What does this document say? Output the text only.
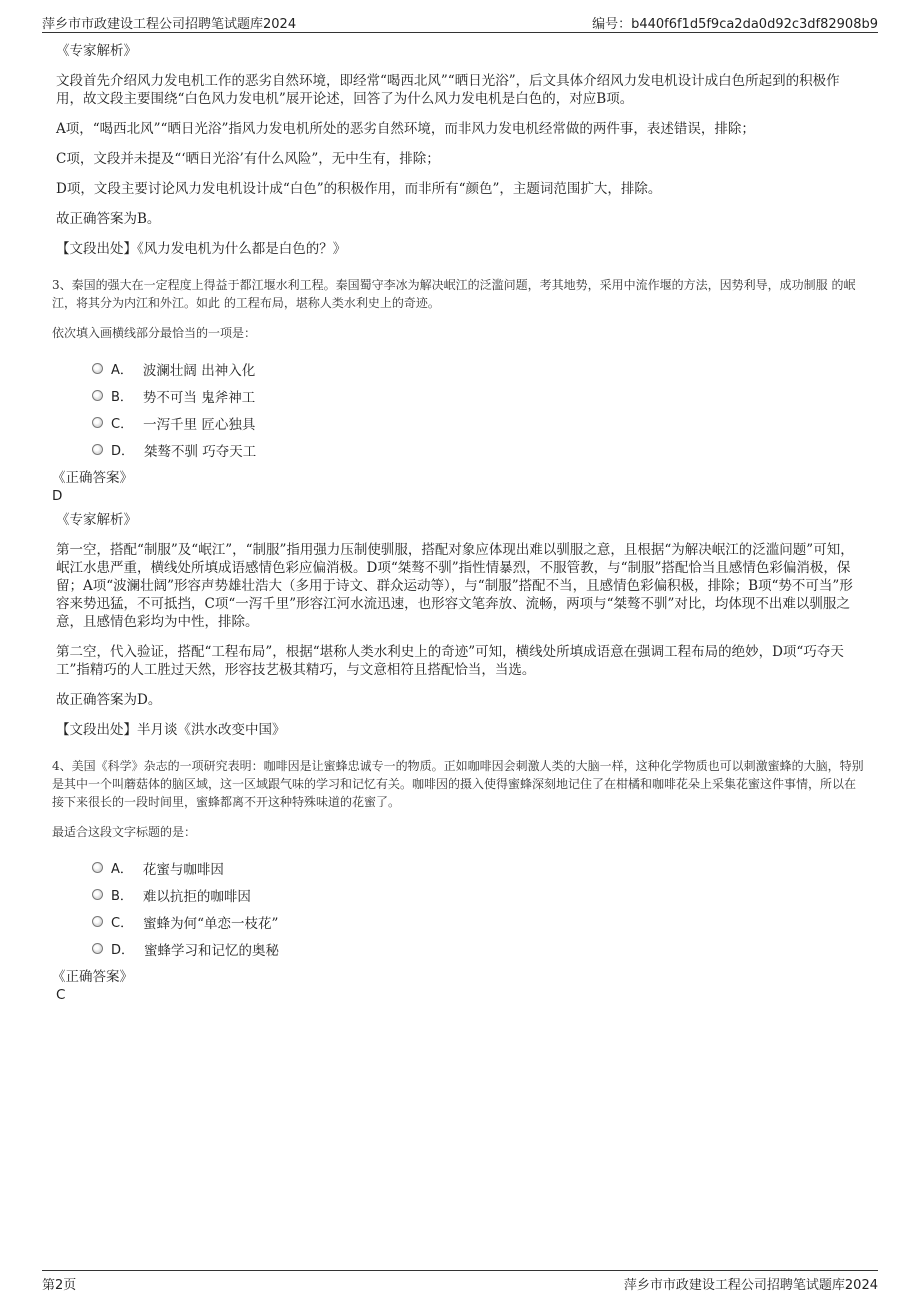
萍乡市市政建设工程公司招聘笔试题库2024	编号：b440f6f1d5f9ca2da0d92c3df82908b9
《专家解析》

文段首先介绍风力发电机工作的恶劣自然环境，即经常“喝西北风”“晒日光浴”，后文具体介绍风力发电机设计成白色所起到的积极作用，故文段主要围绕“白色风力发电机”展开论述，回答了为什么风力发电机是白色的，对应B项。

A项，“喝西北风”“晒日光浴”指风力发电机所处的恶劣自然环境，而非风力发电机经常做的两件事，表述错误，排除；

C项，文段并未提及“‘晒日光浴’有什么风险”，无中生有，排除；

D项，文段主要讨论风力发电机设计成“白色”的积极作用，而非所有“颜色”，主题词范围扩大，排除。

故正确答案为B。

【文段出处】《风力发电机为什么都是白色的？》

3、秦国的强大在一定程度上得益于都江堰水利工程。秦国蜀守李冰为解决岷江的泛滥问题，考其地势，采用中流作堰的方法，因势利导，成功制服 的岷江，将其分为内江和外江。如此 的工程布局，堪称人类水利史上的奇迹。

依次填入画横线部分最恰当的一项是：

A． 波澜壮阔 出神入化
B． 势不可当 鬼斧神工
C． 一泻千里 匠心独具
D． 桀骜不驯 巧夺天工
《正确答案》
D
《专家解析》

第一空，搭配“制服”及“岷江”，“制服”指用强力压制使驯服，搭配对象应体现出难以驯服之意，且根据“为解决岷江的泛滥问题”可知，岷江水患严重，横线处所填成语感情色彩应偏消极。D项“桀骜不驯”指性情暴烈，不服管教，与“制服”搭配恰当且感情色彩偏消极，保留；A项“波澜壮阔”形容声势雄壮浩大（多用于诗文、群众运动等），与“制服”搭配不当，且感情色彩偏积极，排除；B项“势不可当”形容来势迅猛，不可抵挡，C项“一泻千里”形容江河水流迅速，也形容文笔奔放、流畅，两项与“桀骜不驯”对比，均体现不出难以驯服之意，且感情色彩均为中性，排除。

第二空，代入验证，搭配“工程布局”，根据“堪称人类水利史上的奇迹”可知，横线处所填成语意在强调工程布局的绝妙，D项“巧夺天工”指精巧的人工胜过天然，形容技艺极其精巧，与文意相符且搭配恰当，当选。

故正确答案为D。

【文段出处】半月谈《洪水改变中国》

4、美国《科学》杂志的一项研究表明：咖啡因是让蜜蜂忠诚专一的物质。正如咖啡因会刺激人类的大脑一样，这种化学物质也可以刺激蜜蜂的大脑，特别是其中一个叫蘑菇体的脑区域，这一区域跟气味的学习和记忆有关。咖啡因的摄入使得蜜蜂深刻地记住了在柑橘和咖啡花朵上采集花蜜这件事情，所以在接下来很长的一段时间里，蜜蜂都离不开这种特殊味道的花蜜了。

最适合这段文字标题的是：

A． 花蜜与咖啡因
B． 难以抗拒的咖啡因
C． 蜜蜂为何“单恋一枝花”
D． 蜜蜂学习和记忆的奥秘
《正确答案》
C
第2页	萍乡市市政建设工程公司招聘笔试题库2024
